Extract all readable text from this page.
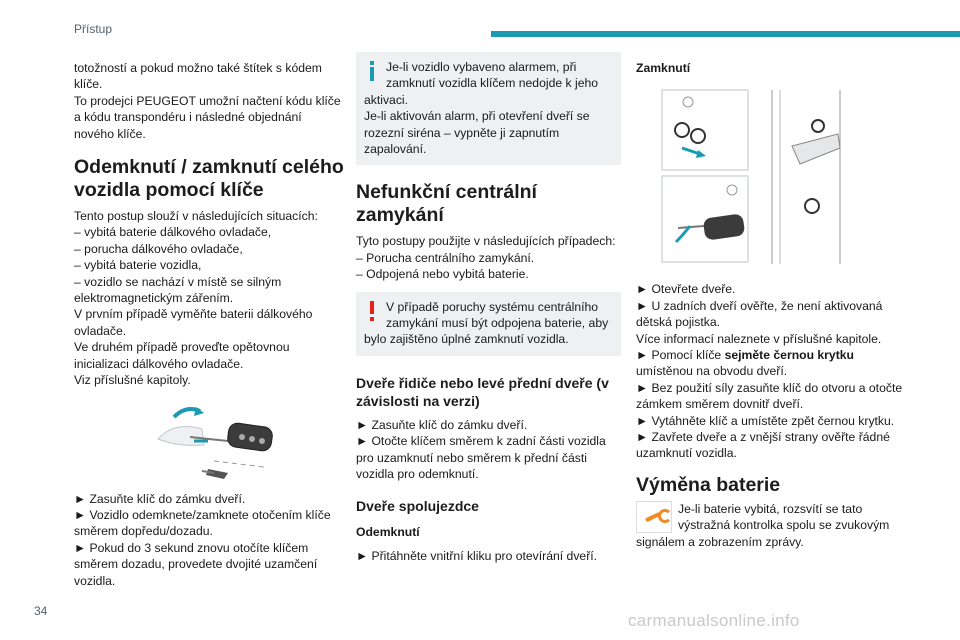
Přístup

totožností a pokud možno také štítek s kódem klíče.

To prodejci PEUGEOT umožní načtení kódu klíče a kódu transpondéru i následné objednání nového klíče.

Odemknutí / zamknutí celého vozidla pomocí klíče

Tento postup slouží v následujících situacích:

– vybitá baterie dálkového ovladače,

– porucha dálkového ovladače,

– vybitá baterie vozidla,

– vozidlo se nachází v místě se silným elektromagnetickým zářením.

V prvním případě vyměňte baterii dálkového ovladače.

Ve druhém případě proveďte opětovnou inicializaci dálkového ovladače.

Viz příslušné kapitoly.

► Zasuňte klíč do zámku dveří.

► Vozidlo odemknete/zamknete otočením klíče směrem dopředu/dozadu.

► Pokud do 3 sekund znovu otočíte klíčem směrem dozadu, provedete dvojité uzamčení vozidla.

Je-li vozidlo vybaveno alarmem, při zamknutí vozidla klíčem nedojde k jeho aktivaci.

Je-li aktivován alarm, při otevření dveří se rozezní siréna – vypněte ji zapnutím zapalování.

Nefunkční centrální zamykání

Tyto postupy použijte v následujících případech:

– Porucha centrálního zamykání.

– Odpojená nebo vybitá baterie.

V případě poruchy systému centrálního zamykání musí být odpojena baterie, aby bylo zajištěno úplné zamknutí vozidla.

Dveře řidiče nebo levé přední dveře (v závislosti na verzi)

► Zasuňte klíč do zámku dveří.

► Otočte klíčem směrem k zadní části vozidla pro uzamknutí nebo směrem k přední části vozidla pro odemknutí.

Dveře spolujezdce

Odemknutí

► Přitáhněte vnitřní kliku pro otevírání dveří.

Zamknutí

► Otevřete dveře.

► U zadních dveří ověřte, že není aktivovaná dětská pojistka.

Více informací naleznete v příslušné kapitole.

► Pomocí klíče sejměte černou krytku umístěnou na obvodu dveří.

► Bez použití síly zasuňte klíč do otvoru a otočte zámkem směrem dovnitř dveří.

► Vytáhněte klíč a umístěte zpět černou krytku.

► Zavřete dveře a z vnější strany ověřte řádné uzamknutí vozidla.

Výměna baterie

Je-li baterie vybitá, rozsvítí se tato výstražná kontrolka spolu se zvukovým signálem a zobrazením zprávy.

34	carmanualsonline.info
